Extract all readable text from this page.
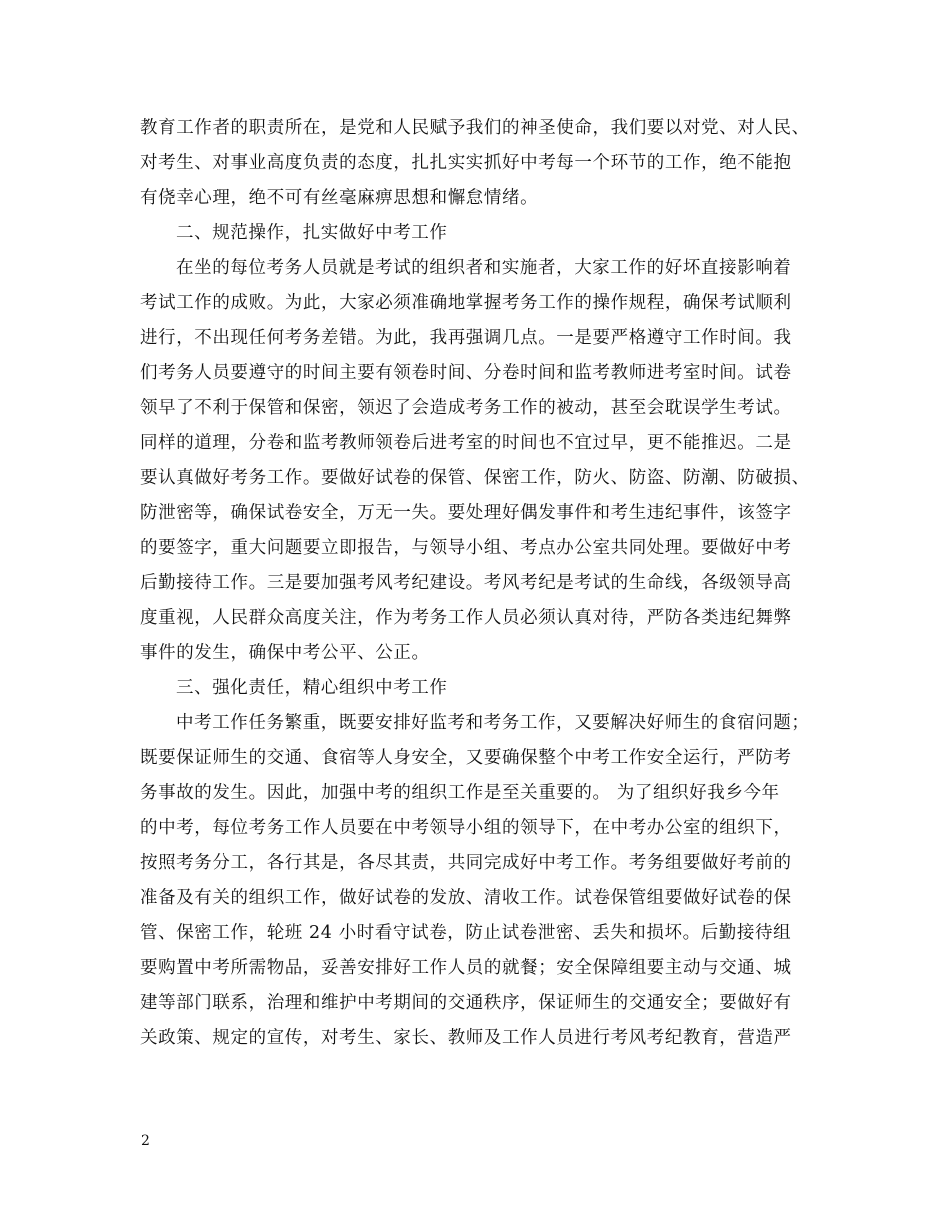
教育工作者的职责所在，是党和人民赋予我们的神圣使命，我们要以对党、对人民、
对考生、对事业高度负责的态度，扎扎实实抓好中考每一个环节的工作，绝不能抱
有侥幸心理，绝不可有丝毫麻痹思想和懈怠情绪。
二、规范操作，扎实做好中考工作
在坐的每位考务人员就是考试的组织者和实施者，大家工作的好坏直接影响着
考试工作的成败。为此，大家必须准确地掌握考务工作的操作规程，确保考试顺利
进行，不出现任何考务差错。为此，我再强调几点。一是要严格遵守工作时间。我
们考务人员要遵守的时间主要有领卷时间、分卷时间和监考教师进考室时间。试卷
领早了不利于保管和保密，领迟了会造成考务工作的被动，甚至会耽误学生考试。
同样的道理，分卷和监考教师领卷后进考室的时间也不宜过早，更不能推迟。二是
要认真做好考务工作。要做好试卷的保管、保密工作，防火、防盗、防潮、防破损、
防泄密等，确保试卷安全，万无一失。要处理好偶发事件和考生违纪事件，该签字
的要签字，重大问题要立即报告，与领导小组、考点办公室共同处理。要做好中考
后勤接待工作。三是要加强考风考纪建设。考风考纪是考试的生命线，各级领导高
度重视，人民群众高度关注，作为考务工作人员必须认真对待，严防各类违纪舞弊
事件的发生，确保中考公平、公正。
三、强化责任，精心组织中考工作
中考工作任务繁重，既要安排好监考和考务工作，又要解决好师生的食宿问题；
既要保证师生的交通、食宿等人身安全，又要确保整个中考工作安全运行，严防考
务事故的发生。因此，加强中考的组织工作是至关重要的。 为了组织好我乡今年
的中考，每位考务工作人员要在中考领导小组的领导下，在中考办公室的组织下，
按照考务分工，各行其是，各尽其责，共同完成好中考工作。考务组要做好考前的
准备及有关的组织工作，做好试卷的发放、清收工作。试卷保管组要做好试卷的保
管、保密工作，轮班 24 小时看守试卷，防止试卷泄密、丢失和损坏。后勤接待组
要购置中考所需物品，妥善安排好工作人员的就餐；安全保障组要主动与交通、城
建等部门联系，治理和维护中考期间的交通秩序，保证师生的交通安全；要做好有
关政策、规定的宣传，对考生、家长、教师及工作人员进行考风考纪教育，营造严
2
